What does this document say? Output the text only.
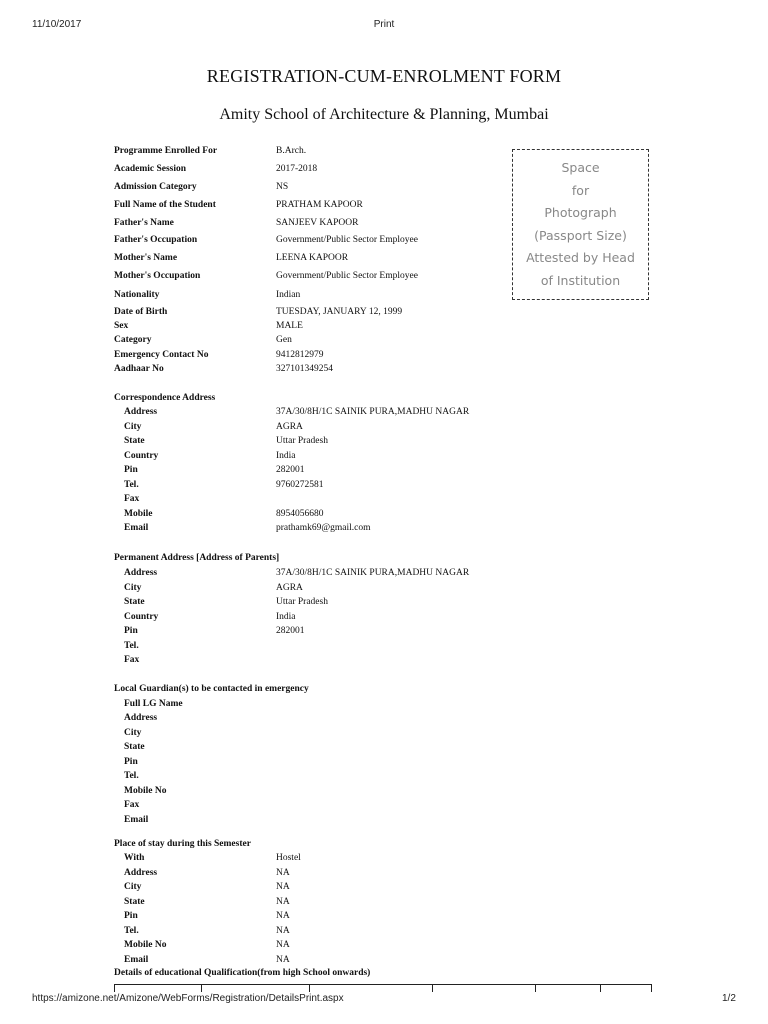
11/10/2017	Print
REGISTRATION-CUM-ENROLMENT FORM
Amity School of Architecture & Planning, Mumbai
Space
for
Photograph
(Passport Size)
Attested by Head
of Institution
Programme Enrolled For	B.Arch.
Academic Session	2017-2018
Admission Category	NS
Full Name of the Student	PRATHAM KAPOOR
Father's Name	SANJEEV KAPOOR
Father's Occupation	Government/Public Sector Employee
Mother's Name	LEENA KAPOOR
Mother's Occupation	Government/Public Sector Employee
Nationality	Indian
Date of Birth	TUESDAY, JANUARY 12, 1999
Sex	MALE
Category	Gen
Emergency Contact No	9412812979
Aadhaar No	327101349254
Correspondence Address
Address	37A/30/8H/1C SAINIK PURA,MADHU NAGAR
City	AGRA
State	Uttar Pradesh
Country	India
Pin	282001
Tel.	9760272581
Fax
Mobile	8954056680
Email	prathamk69@gmail.com
Permanent Address [Address of Parents]
Address	37A/30/8H/1C SAINIK PURA,MADHU NAGAR
City	AGRA
State	Uttar Pradesh
Country	India
Pin	282001
Tel.
Fax
Local Guardian(s) to be contacted in emergency
Full LG Name
Address
City
State
Pin
Tel.
Mobile No
Fax
Email
Place of stay during this Semester
With	Hostel
Address	NA
City	NA
State	NA
Pin	NA
Tel.	NA
Mobile No	NA
Email	NA
Details of educational Qualification(from high School onwards)
https://amizone.net/Amizone/WebForms/Registration/DetailsPrint.aspx	1/2
